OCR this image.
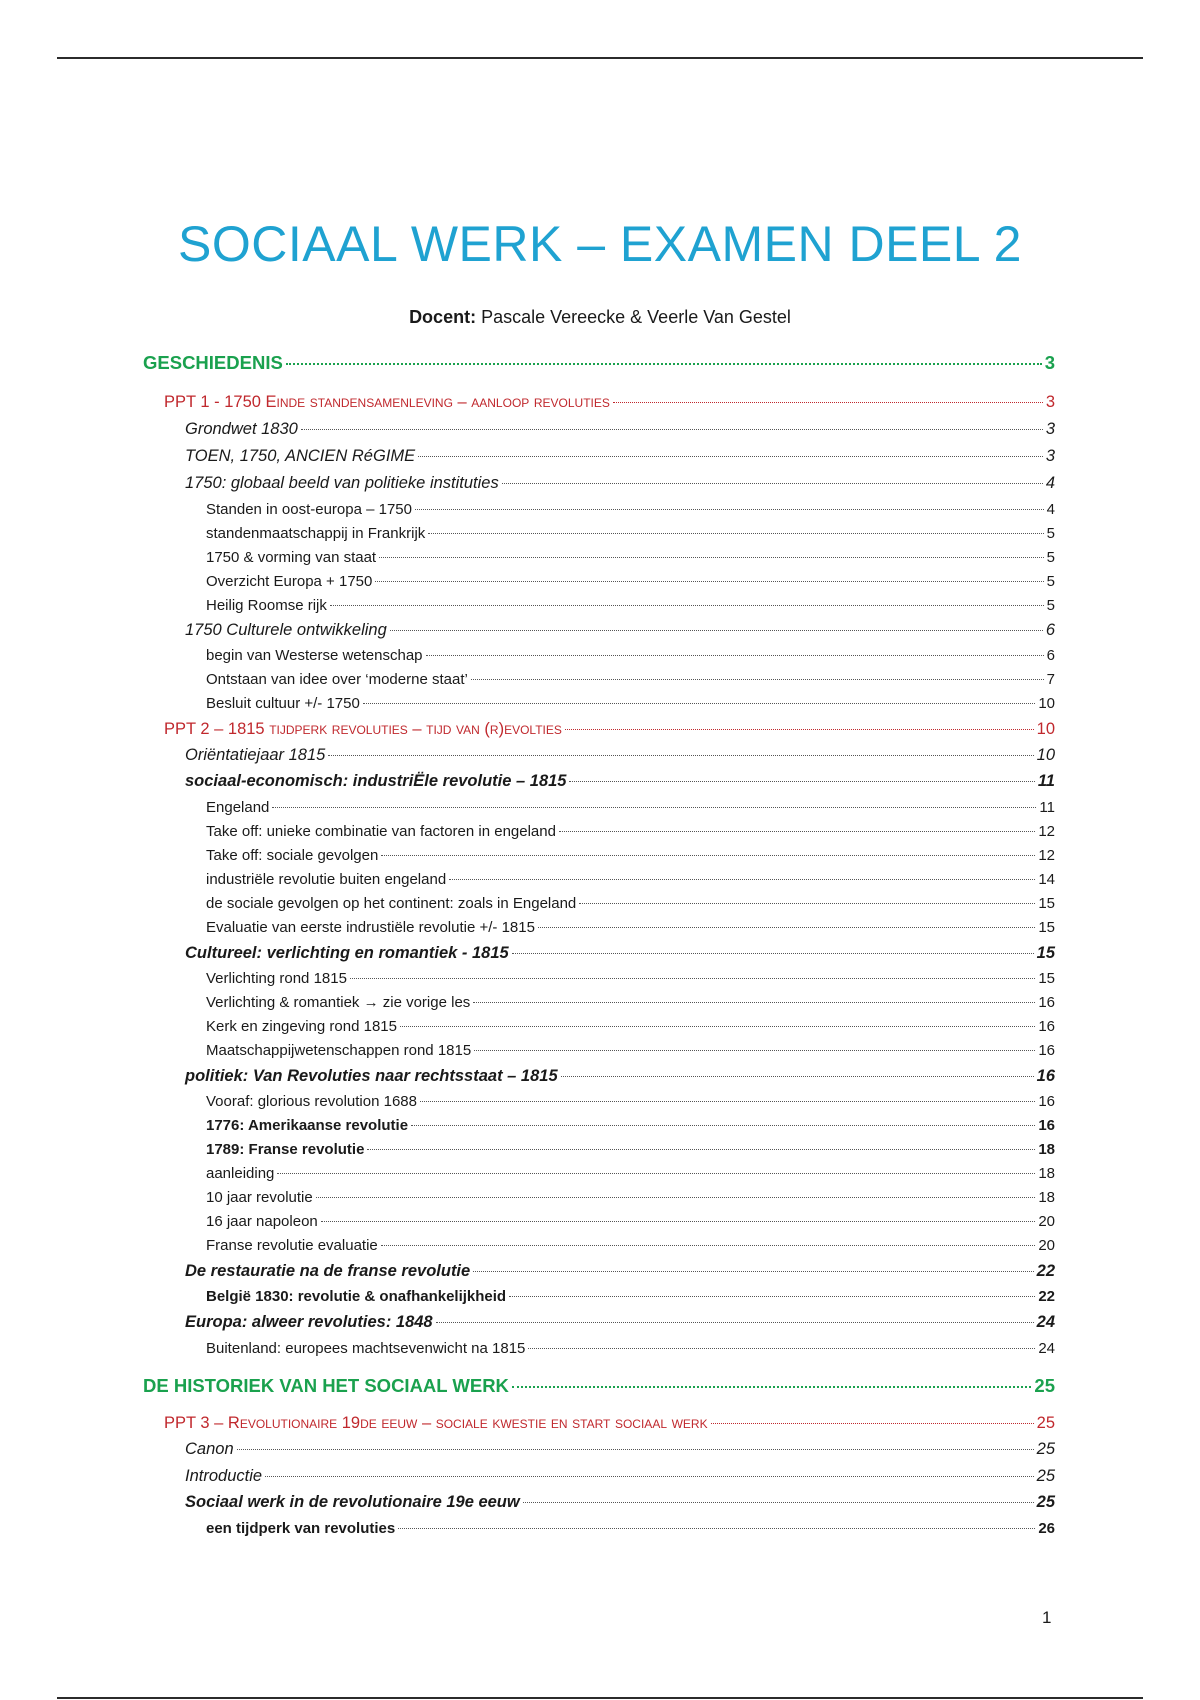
SOCIAAL WERK – EXAMEN DEEL 2
Docent: Pascale Vereecke & Veerle Van Gestel
GESCHIEDENIS	3
PPT 1 - 1750 Einde standensamenleving – aanloop revoluties	3
Grondwet 1830	3
TOEN, 1750, ANCIEN RéGIME	3
1750: globaal beeld van politieke instituties	4
Standen in oost-europa – 1750	4
standenmaatschappij in Frankrijk	5
1750 & vorming van staat	5
Overzicht Europa + 1750	5
Heilig Roomse rijk	5
1750 Culturele ontwikkeling	6
begin van Westerse wetenschap	6
Ontstaan van idee over ‘moderne staat’	7
Besluit cultuur +/- 1750	10
PPT 2 – 1815 tijdperk revoluties – tijd van (r)evolties	10
Oriëntatiejaar 1815	10
sociaal-economisch: industriËle revolutie – 1815	11
Engeland	11
Take off: unieke combinatie van factoren in engeland	12
Take off: sociale gevolgen	12
industriële revolutie buiten engeland	14
de sociale gevolgen op het continent: zoals in Engeland	15
Evaluatie van eerste indrustiële revolutie +/- 1815	15
Cultureel: verlichting en romantiek - 1815	15
Verlichting rond 1815	15
Verlichting & romantiek → zie vorige les	16
Kerk en zingeving rond 1815	16
Maatschappijwetenschappen rond 1815	16
politiek: Van Revoluties naar rechtsstaat – 1815	16
Vooraf: glorious revolution 1688	16
1776: Amerikaanse revolutie	16
1789: Franse revolutie	18
aanleiding	18
10 jaar revolutie	18
16 jaar napoleon	20
Franse revolutie evaluatie	20
De restauratie na de franse revolutie	22
België 1830: revolutie & onafhankelijkheid	22
Europa: alweer revoluties: 1848	24
Buitenland: europees machtsevenwicht na 1815	24
DE HISTORIEK VAN HET SOCIAAL WERK	25
PPT 3 – Revolutionaire 19de eeuw – sociale kwestie en start sociaal werk	25
Canon	25
Introductie	25
Sociaal werk in de revolutionaire 19e eeuw	25
een tijdperk van revoluties	26
1
